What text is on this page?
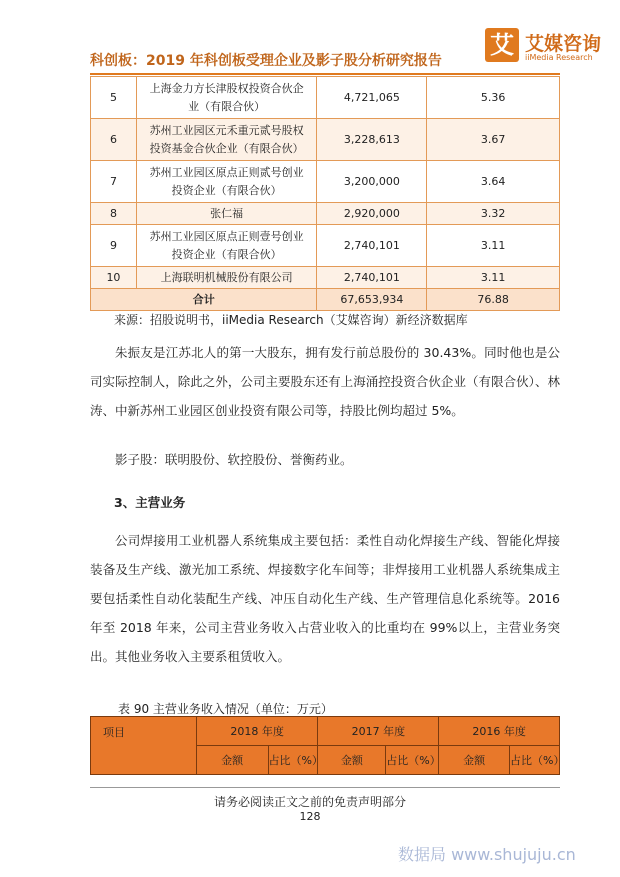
科创板：2019 年科创板受理企业及影子股分析研究报告
艾 艾媒咨询
iiMedia Research
5	上海金力方长津股权投资合伙企业（有限合伙）	4,721,065	5.36
6	苏州工业园区元禾重元贰号股权投资基金合伙企业（有限合伙）	3,228,613	3.67
7	苏州工业园区原点正则贰号创业投资企业（有限合伙）	3,200,000	3.64
8	张仁福	2,920,000	3.32
9	苏州工业园区原点正则壹号创业投资企业（有限合伙）	2,740,101	3.11
10	上海联明机械股份有限公司	2,740,101	3.11
合计		67,653,934	76.88
来源：招股说明书，iiMedia Research（艾媒咨询）新经济数据库
朱振友是江苏北人的第一大股东，拥有发行前总股份的 30.43%。同时他也是公司实际控制人，除此之外，公司主要股东还有上海涌控投资合伙企业（有限合伙）、林涛、中新苏州工业园区创业投资有限公司等，持股比例均超过 5%。
影子股：联明股份、软控股份、誉衡药业。
3、主营业务
公司焊接用工业机器人系统集成主要包括：柔性自动化焊接生产线、智能化焊接装备及生产线、激光加工系统、焊接数字化车间等；非焊接用工业机器人系统集成主要包括柔性自动化装配生产线、冲压自动化生产线、生产管理信息化系统等。2016 年至 2018 年来，公司主营业务收入占营业收入的比重均在 99%以上，主营业务突出。其他业务收入主要系租赁收入。
表 90 主营业务收入情况（单位：万元）
项目	2018 年度		2017 年度		2016 年度	
	金额	占比（%）	金额	占比（%）	金额	占比（%）
请务必阅读正文之前的免责声明部分
128
数据局 www.shujuju.cn
